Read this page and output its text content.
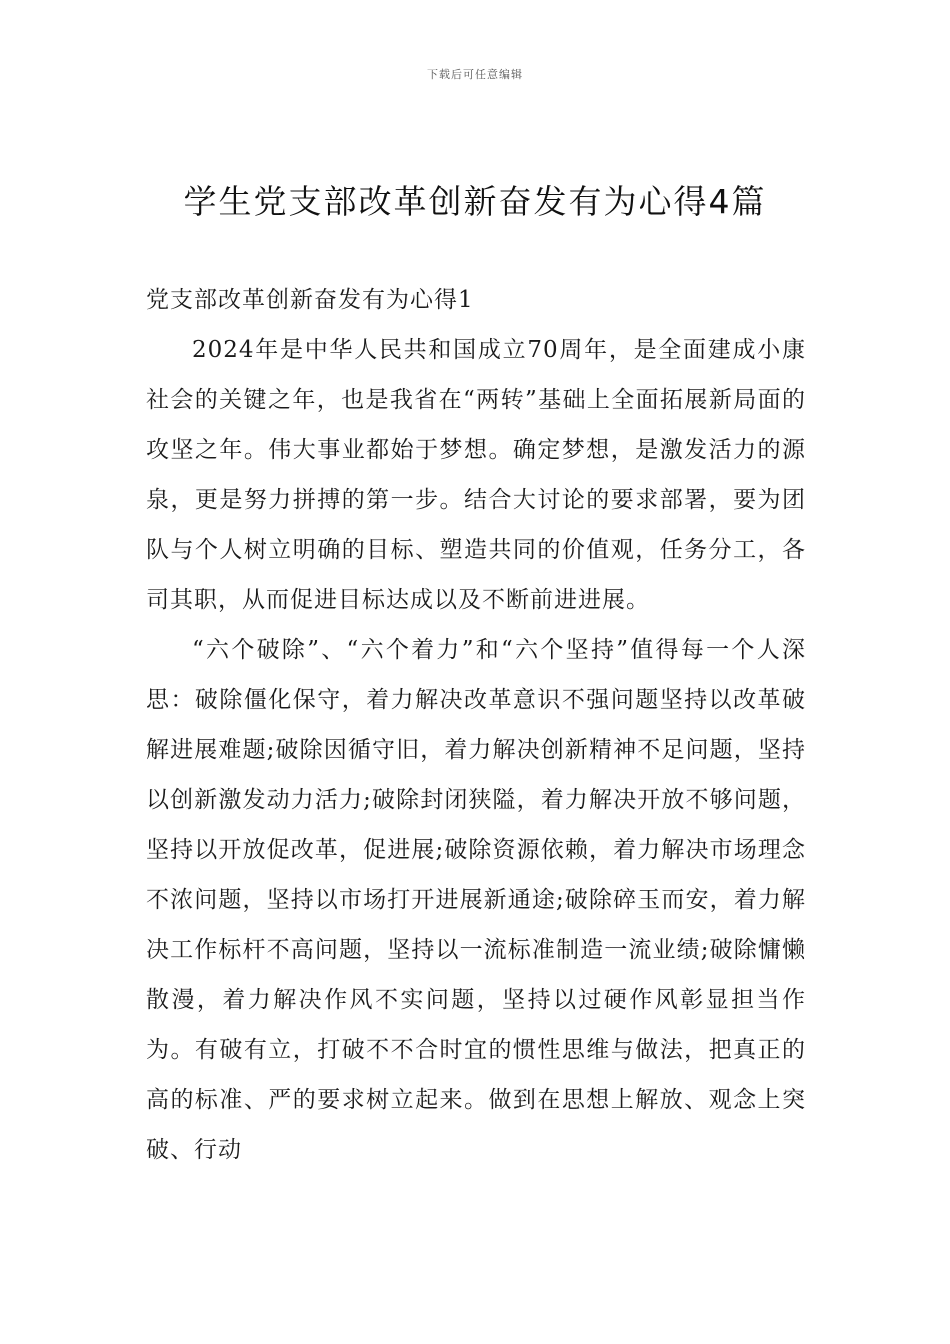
下载后可任意编辑
学生党支部改革创新奋发有为心得4篇

党支部改革创新奋发有为心得1

2024年是中华人民共和国成立70周年，是全面建成小康社会的关键之年，也是我省在“两转”基础上全面拓展新局面的攻坚之年。伟大事业都始于梦想。确定梦想，是激发活力的源泉，更是努力拼搏的第一步。结合大讨论的要求部署，要为团队与个人树立明确的目标、塑造共同的价值观，任务分工，各司其职，从而促进目标达成以及不断前进进展。

“六个破除”、“六个着力”和“六个坚持”值得每一个人深思：破除僵化保守，着力解决改革意识不强问题坚持以改革破解进展难题;破除因循守旧，着力解决创新精神不足问题，坚持以创新激发动力活力;破除封闭狭隘，着力解决开放不够问题，坚持以开放促改革，促进展;破除资源依赖，着力解决市场理念不浓问题，坚持以市场打开进展新通途;破除碎玉而安，着力解决工作标杆不高问题，坚持以一流标准制造一流业绩;破除慵懒散漫，着力解决作风不实问题，坚持以过硬作风彰显担当作为。有破有立，打破不不合时宜的惯性思维与做法，把真正的高的标准、严的要求树立起来。做到在思想上解放、观念上突破、行动
